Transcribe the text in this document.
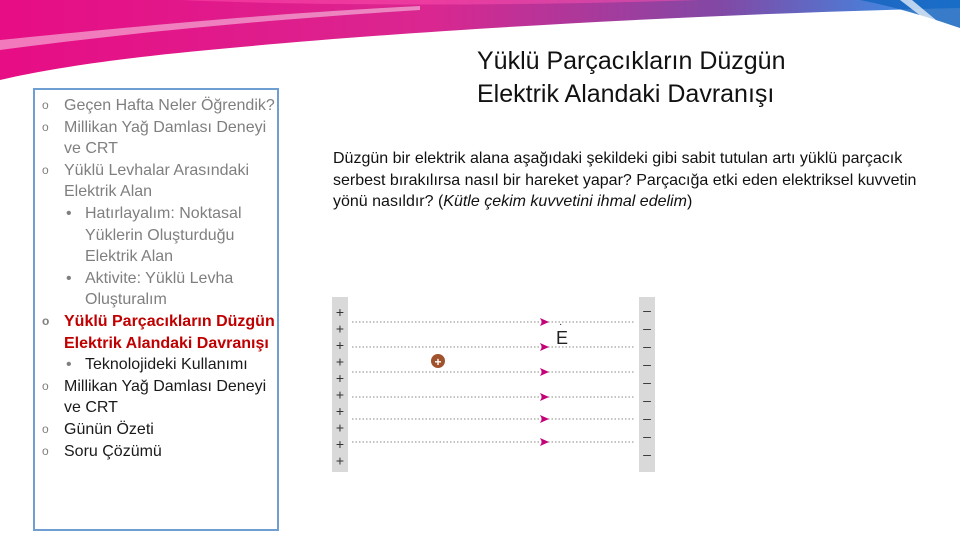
o Geçen Hafta Neler Öğrendik?
o Millikan Yağ Damlası Deneyi ve CRT
o Yüklü Levhalar Arasındaki Elektrik Alan
• Hatırlayalım: Noktasal Yüklerin Oluşturduğu Elektrik Alan
• Aktivite: Yüklü Levha Oluşturalım
o Yüklü Parçacıkların Düzgün Elektrik Alandaki Davranışı
• Teknolojideki Kullanımı
o Millikan Yağ Damlası Deneyi ve CRT
o Günün Özeti
o Soru Çözümü
Yüklü Parçacıkların Düzgün
Elektrik Alandaki Davranışı
Düzgün bir elektrik alana aşağıdaki şekildeki gibi sabit tutulan artı yüklü parçacık serbest bırakılırsa nasıl bir hareket yapar? Parçacığa etki eden elektriksel kuvvetin yönü nasıldır? (Kütle çekim kuvvetini ihmal edelim)
+
+
+
+
+
+
+
+
+
+
–
–
–
–
–
–
–
–
–
E
·
+
